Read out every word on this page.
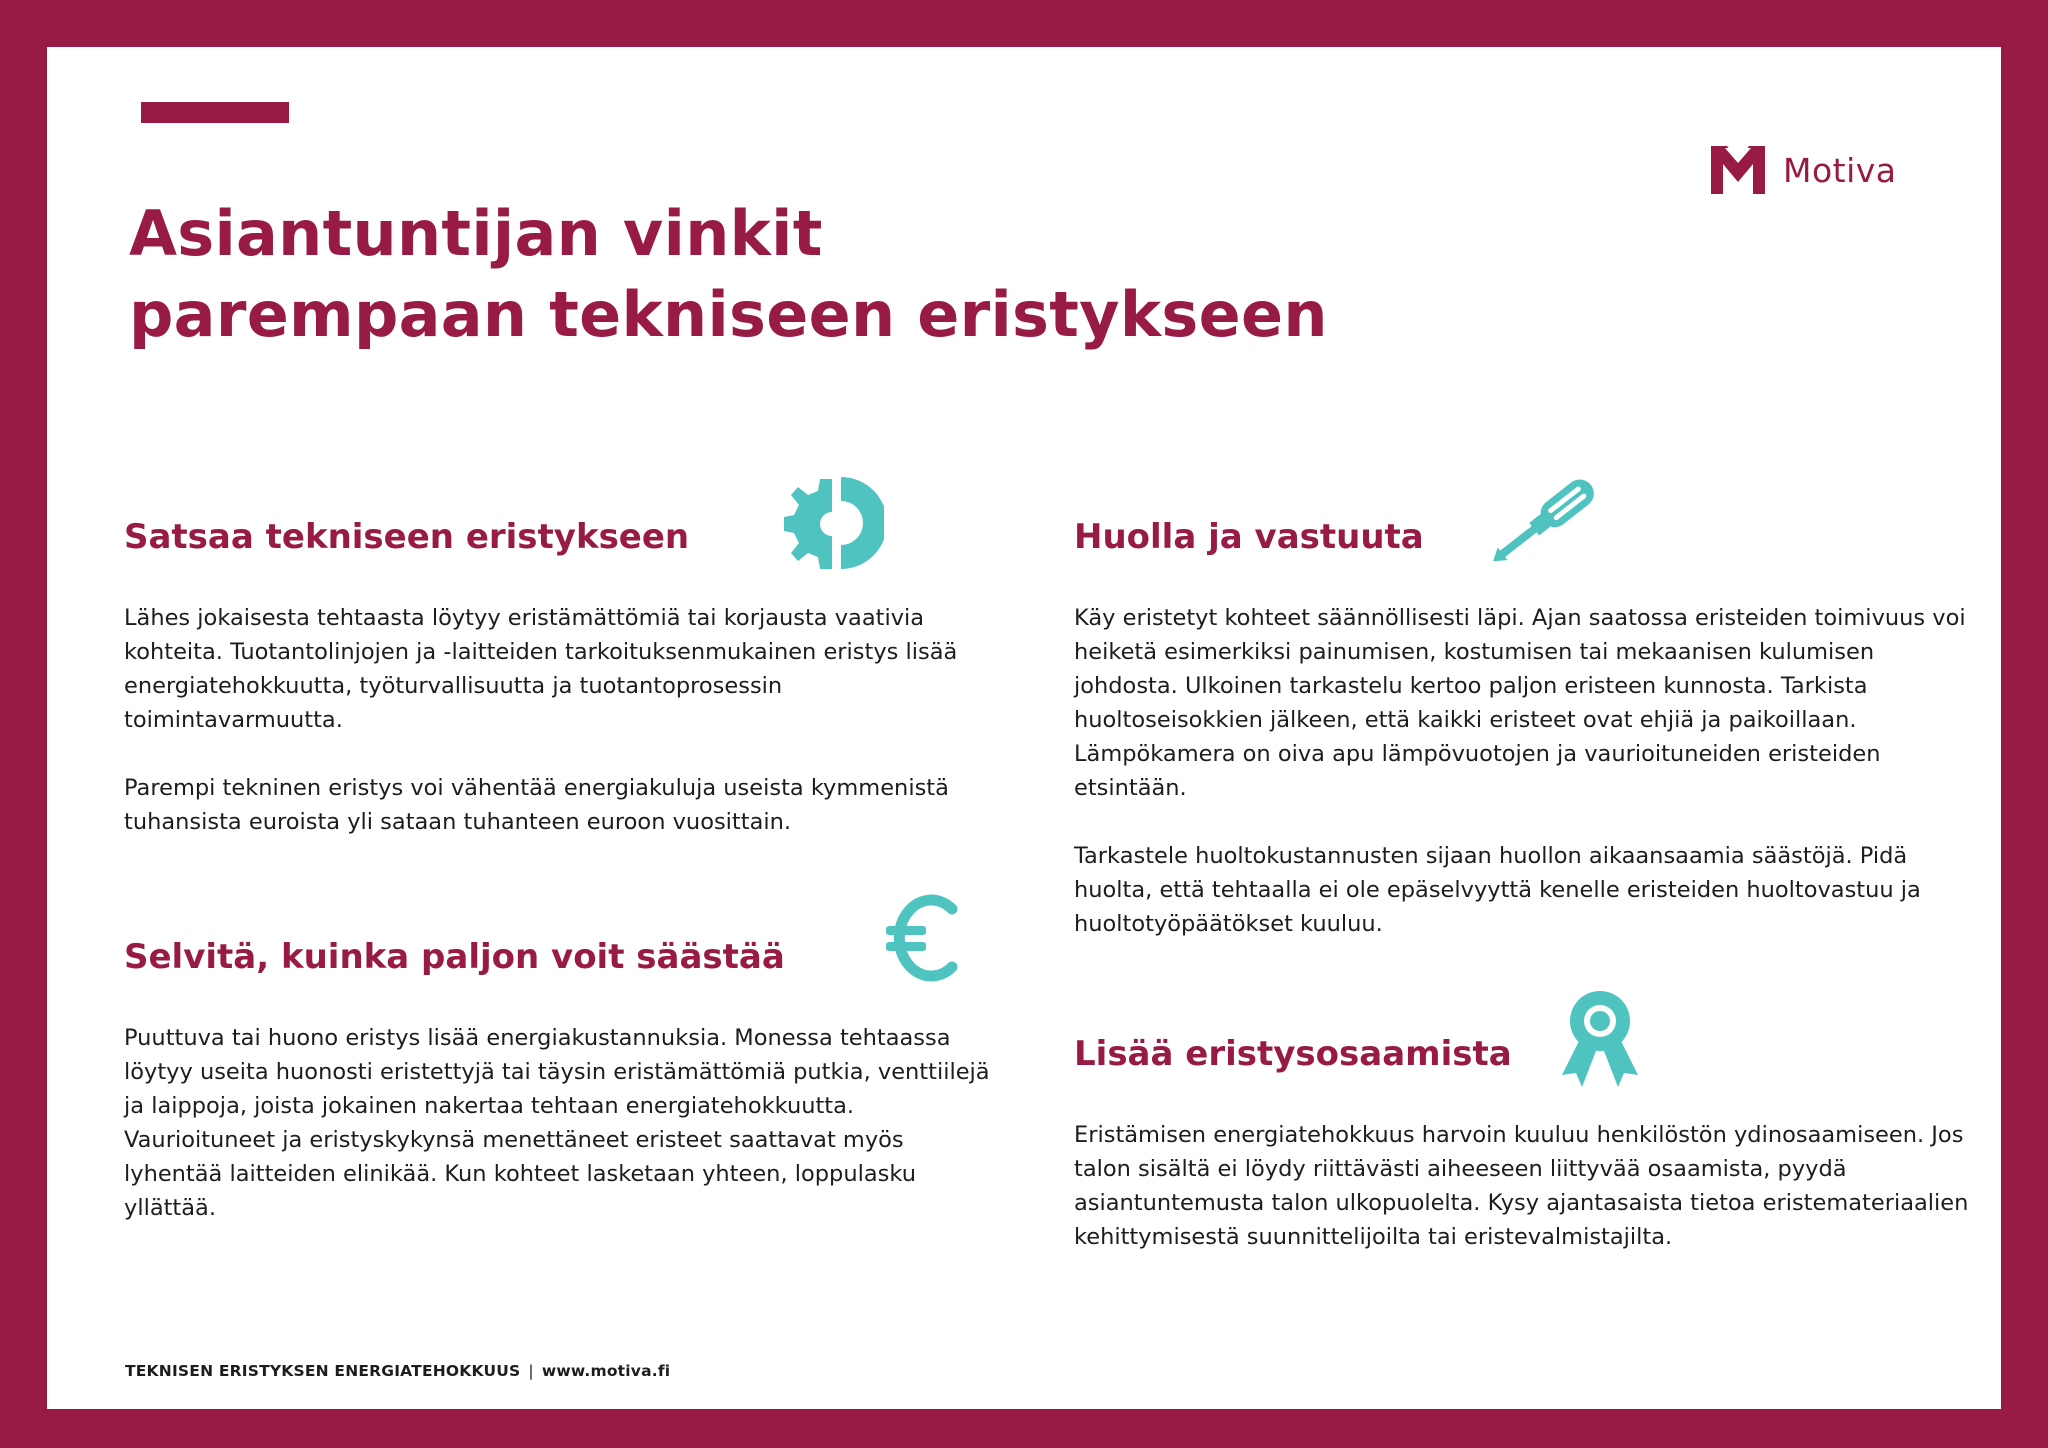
Motiva
Asiantuntijan vinkit
parempaan tekniseen eristykseen
Satsaa tekniseen eristykseen

Lähes jokaisesta tehtaasta löytyy eristämättömiä tai korjausta vaativia kohteita. Tuotantolinjojen ja -laitteiden tarkoituksenmukainen eristys lisää energiatehokkuutta, työturvallisuutta ja tuotantoprosessin toimintavarmuutta.

Parempi tekninen eristys voi vähentää energiakuluja useista kymmenistä tuhansista euroista yli sataan tuhanteen euroon vuosittain.

Selvitä, kuinka paljon voit säästää

Puuttuva tai huono eristys lisää energiakustannuksia. Monessa tehtaassa löytyy useita huonosti eristettyjä tai täysin eristämättömiä putkia, venttiilejä ja laippoja, joista jokainen nakertaa tehtaan energiatehokkuutta. Vaurioituneet ja eristyskykynsä menettäneet eristeet saattavat myös lyhentää laitteiden elinikää. Kun kohteet lasketaan yhteen, loppulasku yllättää.

Huolla ja vastuuta

Käy eristetyt kohteet säännöllisesti läpi. Ajan saatossa eristeiden toimivuus voi heiketä esimerkiksi painumisen, kostumisen tai mekaanisen kulumisen johdosta. Ulkoinen tarkastelu kertoo paljon eristeen kunnosta. Tarkista huoltoseisokkien jälkeen, että kaikki eristeet ovat ehjiä ja paikoillaan. Lämpökamera on oiva apu lämpövuotojen ja vaurioituneiden eristeiden etsintään.

Tarkastele huoltokustannusten sijaan huollon aikaansaamia säästöjä. Pidä huolta, että tehtaalla ei ole epäselvyyttä kenelle eristeiden huoltovastuu ja huoltotyöpäätökset kuuluu.

Lisää eristysosaamista

Eristämisen energiatehokkuus harvoin kuuluu henkilöstön ydinosaamiseen. Jos talon sisältä ei löydy riittävästi aiheeseen liittyvää osaamista, pyydä asiantuntemusta talon ulkopuolelta. Kysy ajantasaista tietoa eristemateriaalien kehittymisestä suunnittelijoilta tai eristevalmistajilta.

TEKNISEN ERISTYKSEN ENERGIATEHOKKUUS | www.motiva.fi
